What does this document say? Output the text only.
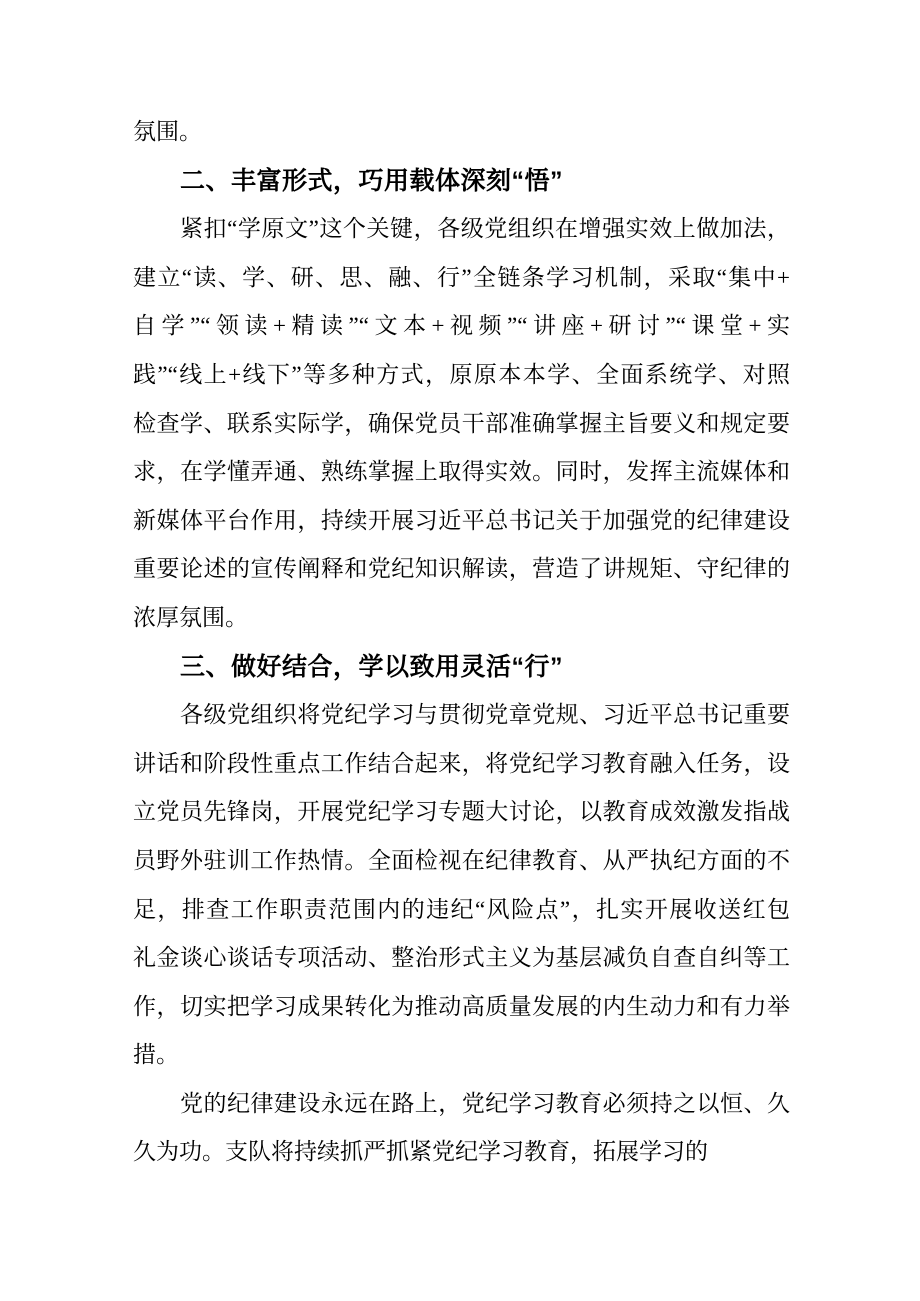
氛围。
二、丰富形式，巧用载体深刻“悟”
紧扣“学原文”这个关键，各级党组织在增强实效上做加法，
建立“读、学、研、思、融、行”全链条学习机制，采取“集中+
自学”“领读+精读”“文本+视频”“讲座+研讨”“课堂+实
践”“线上+线下”等多种方式，原原本本学、全面系统学、对照
检查学、联系实际学，确保党员干部准确掌握主旨要义和规定要
求，在学懂弄通、熟练掌握上取得实效。同时，发挥主流媒体和
新媒体平台作用，持续开展习近平总书记关于加强党的纪律建设
重要论述的宣传阐释和党纪知识解读，营造了讲规矩、守纪律的
浓厚氛围。
三、做好结合，学以致用灵活“行”
各级党组织将党纪学习与贯彻党章党规、习近平总书记重要
讲话和阶段性重点工作结合起来，将党纪学习教育融入任务，设
立党员先锋岗，开展党纪学习专题大讨论，以教育成效激发指战
员野外驻训工作热情。全面检视在纪律教育、从严执纪方面的不
足，排查工作职责范围内的违纪“风险点”，扎实开展收送红包
礼金谈心谈话专项活动、整治形式主义为基层减负自查自纠等工
作，切实把学习成果转化为推动高质量发展的内生动力和有力举
措。
党的纪律建设永远在路上，党纪学习教育必须持之以恒、久
久为功。支队将持续抓严抓紧党纪学习教育，拓展学习的
